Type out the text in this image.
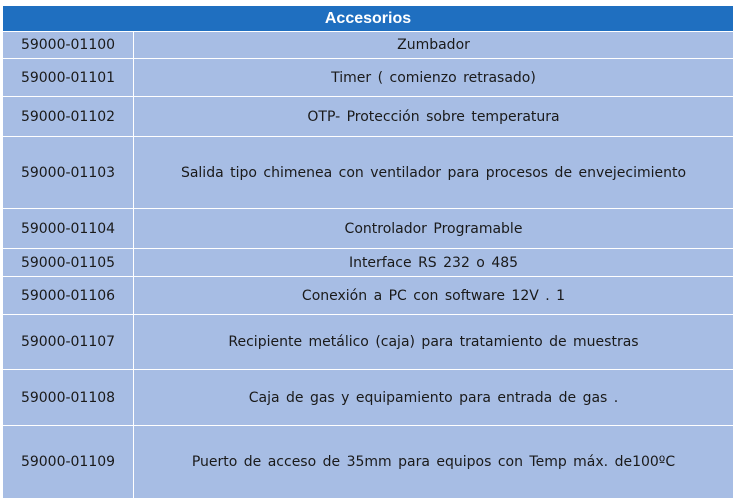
Accesorios
59000-01100	Zumbador
59000-01101	Timer ( comienzo retrasado)
59000-01102	OTP- Protección sobre temperatura
59000-01103	Salida tipo chimenea con ventilador para procesos de envejecimiento
59000-01104	Controlador Programable
59000-01105	Interface RS 232 o 485
59000-01106	Conexión a PC con software 12V . 1
59000-01107	Recipiente metálico (caja) para tratamiento de muestras
59000-01108	Caja de gas y equipamiento para entrada de gas .
59000-01109	Puerto de acceso de 35mm para equipos con Temp máx. de100ºC
